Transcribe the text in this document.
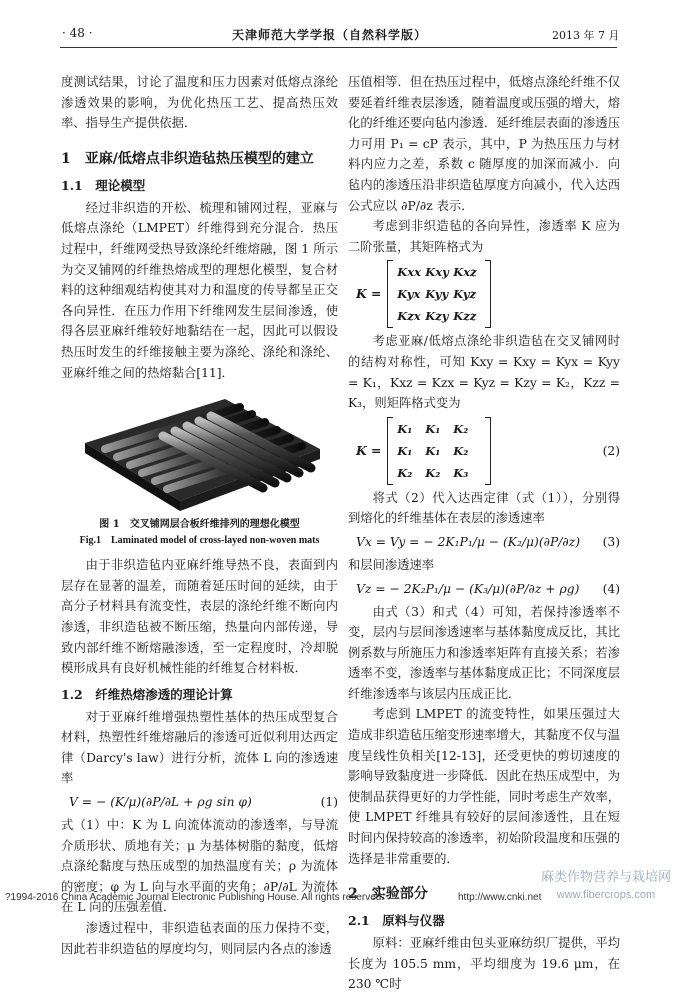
· 48 ·	天津师范大学学报（自然科学版）	2013 年 7 月

度测试结果，讨论了温度和压力因素对低熔点涤纶渗透效果的影响，为优化热压工艺、提高热压效率、指导生产提供依据．

1　亚麻/低熔点非织造毡热压模型的建立
1.1　理论模型

经过非织造的开松、梳理和铺网过程，亚麻与低熔点涤纶（LMPET）纤维得到充分混合．热压过程中，纤维网受热导致涤纶纤维熔融，图 1 所示为交叉铺网的纤维热熔成型的理想化模型，复合材料的这种细观结构使其对力和温度的传导都呈正交各向异性．在压力作用下纤维网发生层间渗透，使得各层亚麻纤维较好地黏结在一起，因此可以假设热压时发生的纤维接触主要为涤纶、涤纶和涤纶、亚麻纤维之间的热熔黏合[11]．

图 1　交叉铺网层合板纤维排列的理想化模型
Fig.1　Laminated model of cross-layed non-woven mats

由于非织造毡内亚麻纤维导热不良，表面到内层存在显著的温差，而随着延压时间的延续，由于高分子材料具有流变性，表层的涤纶纤维不断向内渗透，非织造毡被不断压缩，热量向内部传递，导致内部纤维不断熔融渗透，至一定程度时，冷却脱模形成具有良好机械性能的纤维复合材料板．

1.2　纤维热熔渗透的理论计算

对于亚麻纤维增强热塑性基体的热压成型复合材料，热塑性纤维熔融后的渗透可近似利用达西定律（Darcy's law）进行分析，流体 L 向的渗透速率

V = − (K/μ)(∂P/∂L + ρg sin φ)	(1)

式（1）中：K 为 L 向流体流动的渗透率，与导流介质形状、质地有关；μ 为基体树脂的黏度，低熔点涤纶黏度与热压成型的加热温度有关；ρ 为流体的密度；φ 为 L 向与水平面的夹角；∂P/∂L 为流体在 L 向的压强差值．

渗透过程中，非织造毡表面的压力保持不变，因此若非织造毡的厚度均匀，则同层内各点的渗透

压值相等．但在热压过程中，低熔点涤纶纤维不仅要延着纤维表层渗透，随着温度或压强的增大，熔化的纤维还要向毡内渗透．延纤维层表面的渗透压力可用 P₁ = cP 表示，其中，P 为热压压力与材料内应力之差，系数 c 随厚度的加深而减小．向毡内的渗透压沿非织造毡厚度方向减小，代入达西公式应以 ∂P/∂z 表示．

考虑到非织造毡的各向异性，渗透率 K 应为二阶张量，其矩阵格式为

K =
Kxx Kxy Kxz
Kyx Kyy Kyz
Kzx Kzy Kzz

考虑亚麻/低熔点涤纶非织造毡在交叉铺网时的结构对称性，可知 Kxy = Kxy = Kyx = Kyy = K₁，Kxz = Kzx = Kyz = Kzy = K₂，Kzz = K₃，则矩阵格式变为

K =
K₁	K₁	K₂
K₁	K₁	K₂
K₂	K₂	K₃
(2)

将式（2）代入达西定律（式（1）），分别得到熔化的纤维基体在表层的渗透速率

Vx = Vy = − 2K₁P₁/μ − (K₂/μ)(∂P/∂z)	(3)

和层间渗透速率

Vz = − 2K₂P₁/μ − (K₃/μ)(∂P/∂z + ρg)	(4)

由式（3）和式（4）可知，若保持渗透率不变，层内与层间渗透速率与基体黏度成反比，其比例系数与所施压力和渗透率矩阵有直接关系；若渗透率不变，渗透率与基体黏度成正比；不同深度层纤维渗透率与该层内压成正比．

考虑到 LMPET 的流变特性，如果压强过大造成非织造毡压缩变形速率增大，其黏度不仅与温度呈线性负相关[12-13]，还受更快的剪切速度的影响导致黏度进一步降低．因此在热压成型中，为使制品获得更好的力学性能，同时考虑生产效率，使 LMPET 纤维具有较好的层间渗透性，且在短时间内保持较高的渗透率，初始阶段温度和压强的选择是非常重要的．

2　实验部分
2.1　原料与仪器

原料：亚麻纤维由包头亚麻纺织厂提供，平均长度为 105.5 mm，平均细度为 19.6 μm，在 230 ℃时

?1994-2016 China Academic Journal Electronic Publishing House. All rights reserved.	http://www.cnki.net
麻类作物营养与栽培网
www.fibercrops.com
